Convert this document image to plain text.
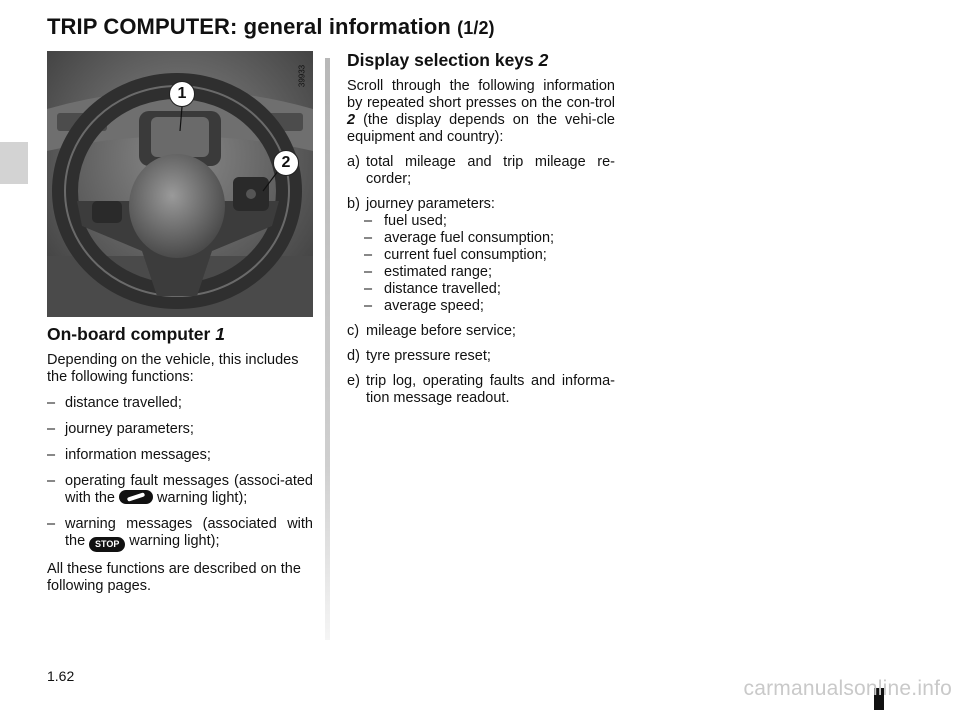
TRIP COMPUTER: general information (1/2)
1
2
39933
On-board computer 1

Depending on the vehicle, this includes the following functions:

– distance travelled;

– journey parameters;

– information messages;

– operating fault messages (associ-ated with the	warning light);

– warning messages (associated with the STOP warning light);

All these functions are described on the following pages.

Display selection keys 2

Scroll through the following information by repeated short presses on the con-trol 2 (the display depends on the vehi-cle equipment and country):

a) total mileage and trip mileage re-corder;

b) journey parameters:
– fuel used;
– average fuel consumption;
– current fuel consumption;
– estimated range;
– distance travelled;
– average speed;

c) mileage before service;

d) tyre pressure reset;

e) trip log, operating faults and informa-tion message readout.

1.62
carmanualsonline.info
